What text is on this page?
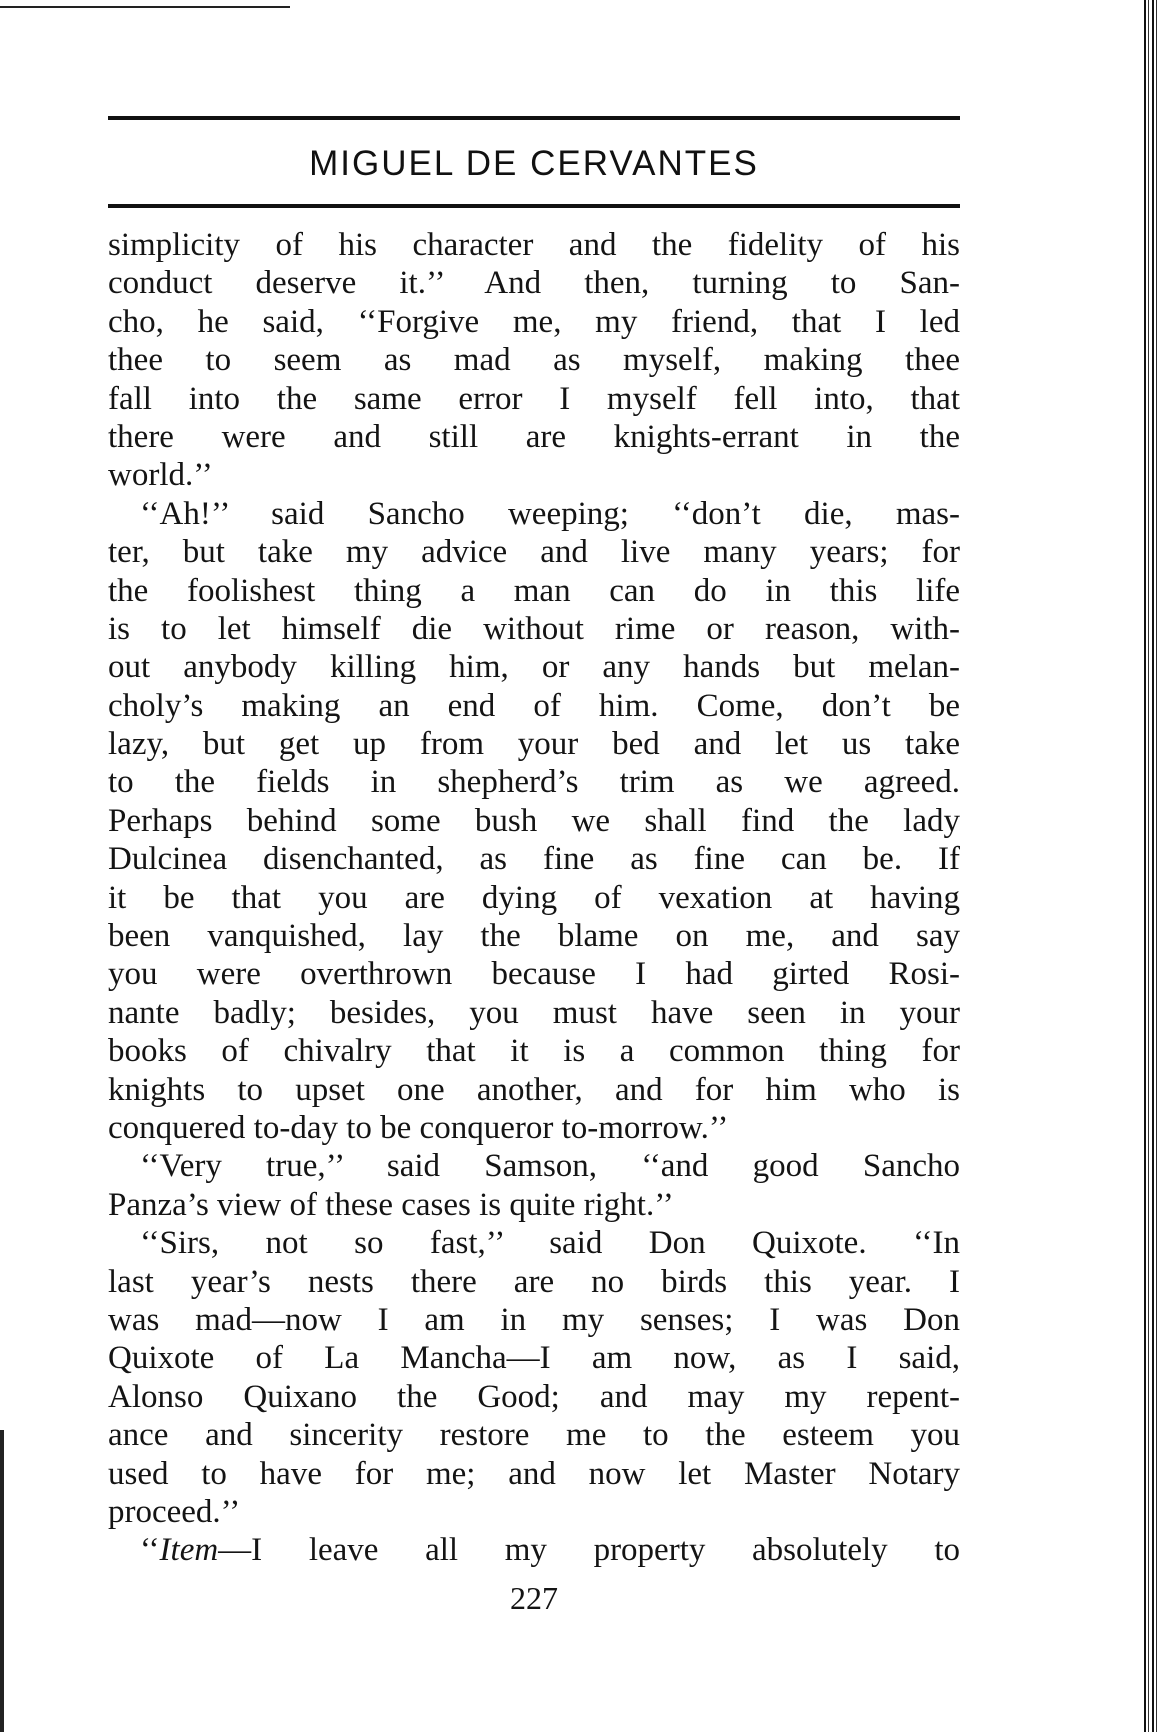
MIGUEL DE CERVANTES
simplicity of his character and the fidelity of his
conduct deserve it.’’ And then, turning to San-
cho, he said, ‘‘Forgive me, my friend, that I led
thee to seem as mad as myself, making thee
fall into the same error I myself fell into, that
there were and still are knights-errant in the
world.’’
‘‘Ah!’’ said Sancho weeping; ‘‘don’t die, mas-
ter, but take my advice and live many years; for
the foolishest thing a man can do in this life
is to let himself die without rime or reason, with-
out anybody killing him, or any hands but melan-
choly’s making an end of him. Come, don’t be
lazy, but get up from your bed and let us take
to the fields in shepherd’s trim as we agreed.
Perhaps behind some bush we shall find the lady
Dulcinea disenchanted, as fine as fine can be. If
it be that you are dying of vexation at having
been vanquished, lay the blame on me, and say
you were overthrown because I had girted Rosi-
nante badly; besides, you must have seen in your
books of chivalry that it is a common thing for
knights to upset one another, and for him who is
conquered to-day to be conqueror to-morrow.’’
‘‘Very true,’’ said Samson, ‘‘and good Sancho
Panza’s view of these cases is quite right.’’
‘‘Sirs, not so fast,’’ said Don Quixote. ‘‘In
last year’s nests there are no birds this year. I
was mad—now I am in my senses; I was Don
Quixote of La Mancha—I am now, as I said,
Alonso Quixano the Good; and may my repent-
ance and sincerity restore me to the esteem you
used to have for me; and now let Master Notary
proceed.’’
‘‘Item—I leave all my property absolutely to
227
